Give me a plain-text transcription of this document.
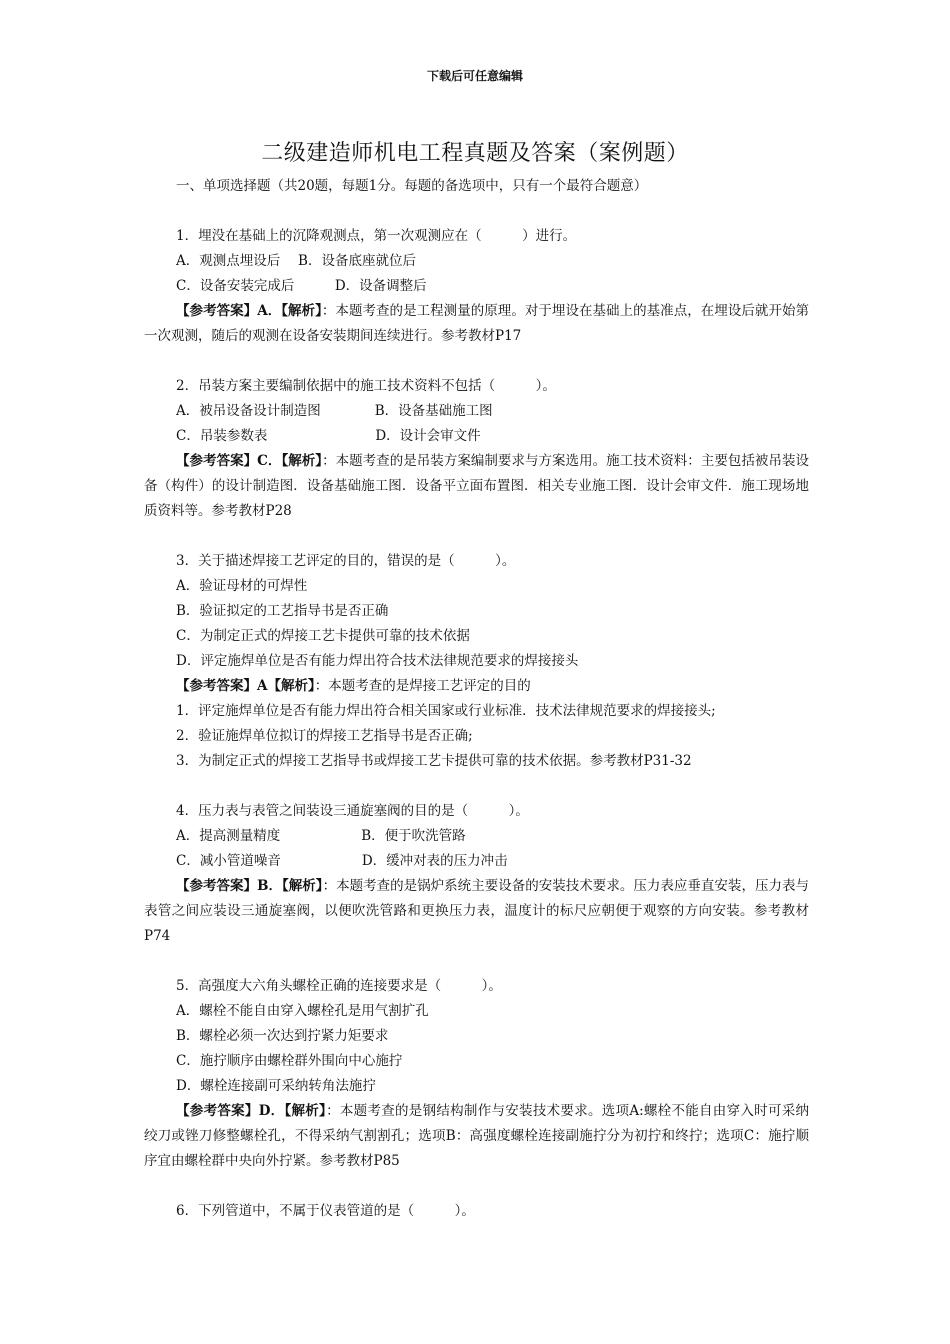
下载后可任意编辑
二级建造师机电工程真题及答案（案例题）
一、单项选择题（共20题，每题1分。每题的备选项中，只有一个最符合题意）
1．埋没在基础上的沉降观测点，第一次观测应在（　　　）进行。
A．观测点埋设后　 B．设备底座就位后
C．设备安装完成后　　　D．设备调整后
【参考答案】A．【解析】：本题考查的是工程测量的原理。对于埋设在基础上的基准点，在埋设后就开始第一次观测，随后的观测在设备安装期间连续进行。参考教材P17
2．吊装方案主要编制依据中的施工技术资料不包括（　　　）。
A．被吊设备设计制造图　　　　B．设备基础施工图
C．吊装参数表　　　　　　　　D．设计会审文件
【参考答案】C．【解析】：本题考查的是吊装方案编制要求与方案选用。施工技术资料：主要包括被吊装设备（构件）的设计制造图．设备基础施工图．设备平立面布置图．相关专业施工图．设计会审文件．施工现场地质资料等。参考教材P28
3．关于描述焊接工艺评定的目的，错误的是（　　　）。
A．验证母材的可焊性
B．验证拟定的工艺指导书是否正确
C．为制定正式的焊接工艺卡提供可靠的技术依据
D．评定施焊单位是否有能力焊出符合技术法律规范要求的焊接接头
【参考答案】A【解析】：本题考查的是焊接工艺评定的目的
1．评定施焊单位是否有能力焊出符合相关国家或行业标准．技术法律规范要求的焊接接头;
2．验证施焊单位拟订的焊接工艺指导书是否正确;
3．为制定正式的焊接工艺指导书或焊接工艺卡提供可靠的技术依据。参考教材P31-32
4．压力表与表管之间装设三通旋塞阀的目的是（　　　）。
A．提高测量精度　　　　　　B．便于吹洗管路
C．减小管道噪音　　　　　　D．缓冲对表的压力冲击
【参考答案】B．【解析】：本题考查的是锅炉系统主要设备的安装技术要求。压力表应垂直安装，压力表与表管之间应装设三通旋塞阀，以便吹洗管路和更换压力表，温度计的标尺应朝便于观察的方向安装。参考教材P74
5．高强度大六角头螺栓正确的连接要求是（　　　）。
A．螺栓不能自由穿入螺栓孔是用气割扩孔
B．螺栓必须一次达到拧紧力矩要求
C．施拧顺序由螺栓群外围向中心施拧
D．螺栓连接副可采纳转角法施拧
【参考答案】D．【解析】：本题考查的是钢结构制作与安装技术要求。选项A:螺栓不能自由穿入时可采纳绞刀或锉刀修整螺栓孔，不得采纳气割割孔；选项B：高强度螺栓连接副施拧分为初拧和终拧；选项C：施拧顺序宜由螺栓群中央向外拧紧。参考教材P85
6．下列管道中，不属于仪表管道的是（　　　）。
